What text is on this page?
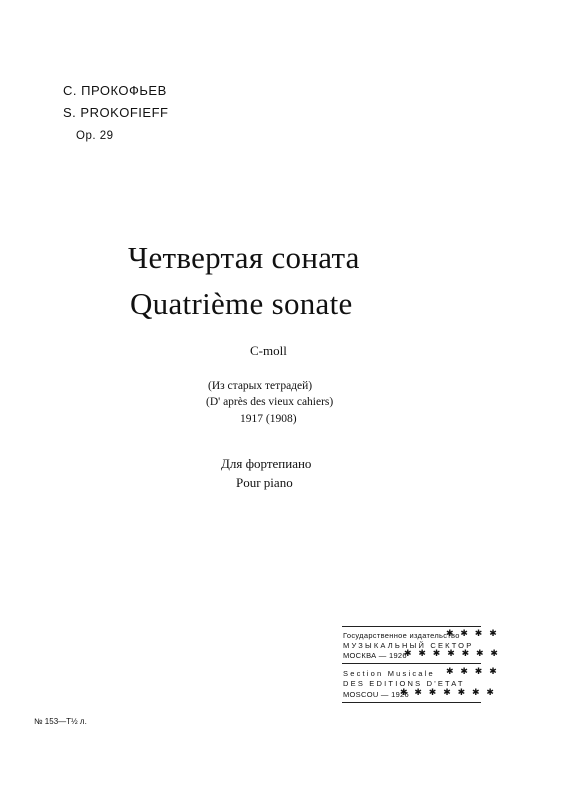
С. ПРОКОФЬЕВ
S. PROKOFIEFF
Op. 29
Четвертая соната
Quatrième sonate
C-moll
(Из старых тетрадей)
(D' après des vieux cahiers)
1917 (1908)
Для фортепиано
Pour piano
Государственное издательство
✱ ✱ ✱ ✱
МУЗЫКАЛЬНЫЙ СЕКТОР
МОСКВА — 1926
✱ ✱ ✱ ✱ ✱ ✱ ✱
Section Musicale ✱ ✱ ✱ ✱
DES EDITIONS D'ETAT
MOSCOU — 1926
✱ ✱ ✱ ✱ ✱ ✱ ✱
№ 153—Т½ л.
